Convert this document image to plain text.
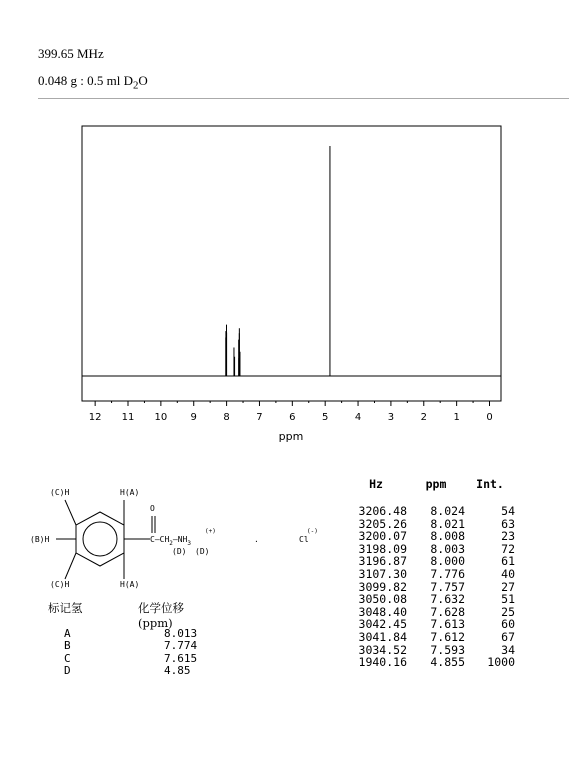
399.65 MHz
0.048 g : 0.5 ml $D_2O$
12 11 10 9	8	7	6	5	4	3	2	1	0
ppm
(C)H	H(A)
(B)H
(C)H	H(A)
O
$C—CH_2—NH_3$
(+)
(D) (D)
.	Cl
(-)
标记氢	化学位移(ppm)
A	8.013
B	7.774
C	7.615
D	4.85
Hz	ppm	Int.
3206.48	8.024	54
3205.26	8.021	63
3200.07	8.008	23
3198.09	8.003	72
3196.87	8.000	61
3107.30	7.776	40
3099.82	7.757	27
3050.08	7.632	51
3048.40	7.628	25
3042.45	7.613	60
3041.84	7.612	67
3034.52	7.593	34
1940.16	4.855	1000
